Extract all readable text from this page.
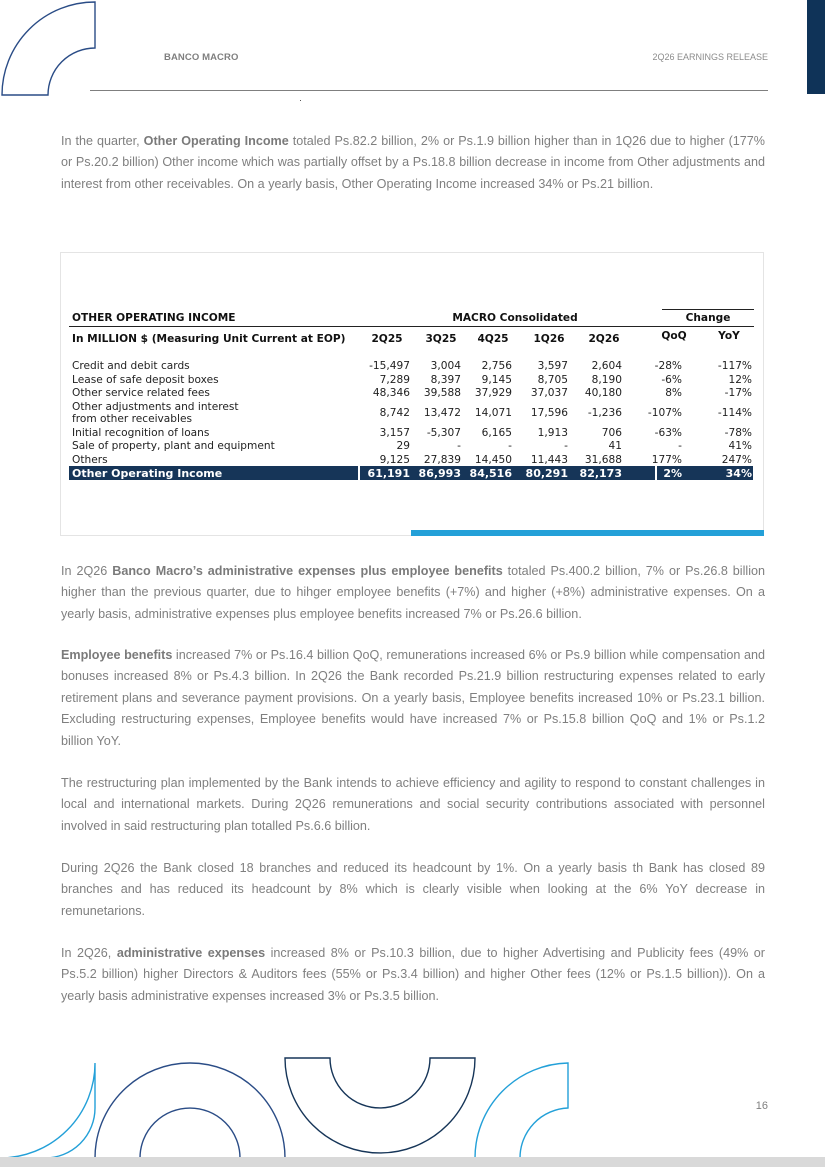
BANCO MACRO	2Q26 EARNINGS RELEASE
In the quarter, Other Operating Income totaled Ps.82.2 billion, 2% or Ps.1.9 billion higher than in 1Q26 due to higher (177% or Ps.20.2 billion) Other income which was partially offset by a Ps.18.8 billion decrease in income from Other adjustments and interest from other receivables. On a yearly basis, Other Operating Income increased 34% or Ps.21 billion.
OTHER OPERATING INCOME	MACRO Consolidated	Change
In MILLION $ (Measuring Unit Current at EOP)	2Q25	3Q25	4Q25	1Q26	2Q26	QoQ	YoY
Credit and debit cards	-15,497	3,004	2,756	3,597	2,604	-28%	-117%
Lease of safe deposit boxes	7,289	8,397	9,145	8,705	8,190	-6%	12%
Other service related fees	48,346	39,588	37,929	37,037	40,180	8%	-17%
Other adjustments and interest
from other receivables	8,742	13,472	14,071	17,596	-1,236	-107%	-114%
Initial recognition of loans	3,157	-5,307	6,165	1,913	706	-63%	-78%
Sale of property, plant and equipment	29	-	-	-	41	-	41%
Others	9,125	27,839	14,450	11,443	31,688	177%	247%
Other Operating Income	61,191 86,993 84,516	80,291	82,173	2%	34%
In 2Q26 Banco Macro’s administrative expenses plus employee benefits totaled Ps.400.2 billion, 7% or Ps.26.8 billion higher than the previous quarter, due to hihger employee benefits (+7%) and higher (+8%) administrative expenses. On a yearly basis, administrative expenses plus employee benefits increased 7% or Ps.26.6 billion.
Employee benefits increased 7% or Ps.16.4 billion QoQ, remunerations increased 6% or Ps.9 billion while compensation and bonuses increased 8% or Ps.4.3 billion. In 2Q26 the Bank recorded Ps.21.9 billion restructuring expenses related to early retirement plans and severance payment provisions. On a yearly basis, Employee benefits increased 10% or Ps.23.1 billion. Excluding restructuring expenses, Employee benefits would have increased 7% or Ps.15.8 billion QoQ and 1% or Ps.1.2 billion YoY.
The restructuring plan implemented by the Bank intends to achieve efficiency and agility to respond to constant challenges in local and international markets. During 2Q26 remunerations and social security contributions associated with personnel involved in said restructuring plan totalled Ps.6.6 billion.
During 2Q26 the Bank closed 18 branches and reduced its headcount by 1%. On a yearly basis th Bank has closed 89 branches and has reduced its headcount by 8% which is clearly visible when looking at the 6% YoY decrease in remunetarions.
In 2Q26, administrative expenses increased 8% or Ps.10.3 billion, due to higher Advertising and Publicity fees (49% or Ps.5.2 billion) higher Directors & Auditors fees (55% or Ps.3.4 billion) and higher Other fees (12% or Ps.1.5 billion)). On a yearly basis administrative expenses increased 3% or Ps.3.5 billion.
16
